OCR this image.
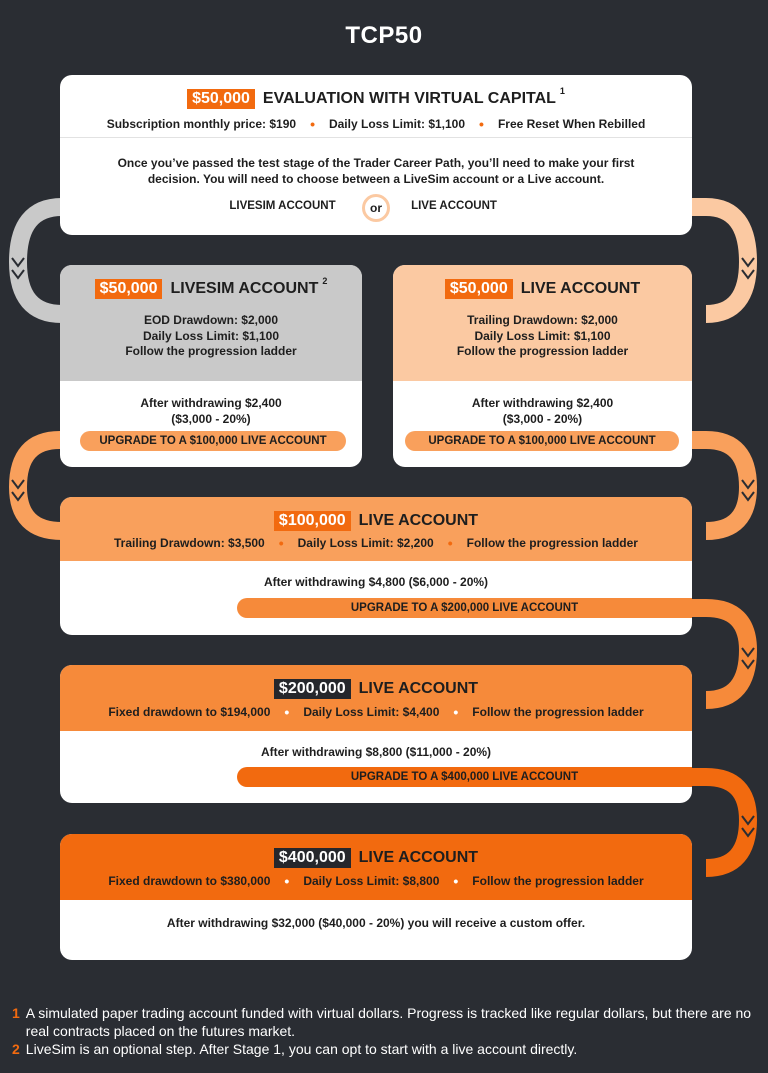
TCP50
$50,000 EVALUATION WITH VIRTUAL CAPITAL $^1$
Subscription monthly price: $190 • Daily Loss Limit: $1,100 • Free Reset When Rebilled
Once you’ve passed the test stage of the Trader Career Path, you’ll need to make your first decision. You will need to choose between a LiveSim account or a Live account.
LIVESIM ACCOUNT	or	LIVE ACCOUNT
$50,000 LIVESIM ACCOUNT $^2$
EOD Drawdown: $2,000
Daily Loss Limit: $1,100
Follow the progression ladder
After withdrawing $2,400
($3,000 - 20%)
UPGRADE TO A $100,000 LIVE ACCOUNT
$50,000 LIVE ACCOUNT
Trailing Drawdown: $2,000
Daily Loss Limit: $1,100
Follow the progression ladder
After withdrawing $2,400
($3,000 - 20%)
UPGRADE TO A $100,000 LIVE ACCOUNT
$100,000 LIVE ACCOUNT
Trailing Drawdown: $3,500 • Daily Loss Limit: $2,200 • Follow the progression ladder
After withdrawing $4,800 ($6,000 - 20%)
UPGRADE TO A $200,000 LIVE ACCOUNT
$200,000 LIVE ACCOUNT
Fixed drawdown to $194,000 • Daily Loss Limit: $4,400 • Follow the progression ladder
After withdrawing $8,800 ($11,000 - 20%)
UPGRADE TO A $400,000 LIVE ACCOUNT
$400,000 LIVE ACCOUNT
Fixed drawdown to $380,000 • Daily Loss Limit: $8,800 • Follow the progression ladder
After withdrawing $32,000 ($40,000 - 20%) you will receive a custom offer.
1 A simulated paper trading account funded with virtual dollars. Progress is tracked like regular dollars, but there are no real contracts placed on the futures market.
2 LiveSim is an optional step. After Stage 1, you can opt to start with a live account directly.
